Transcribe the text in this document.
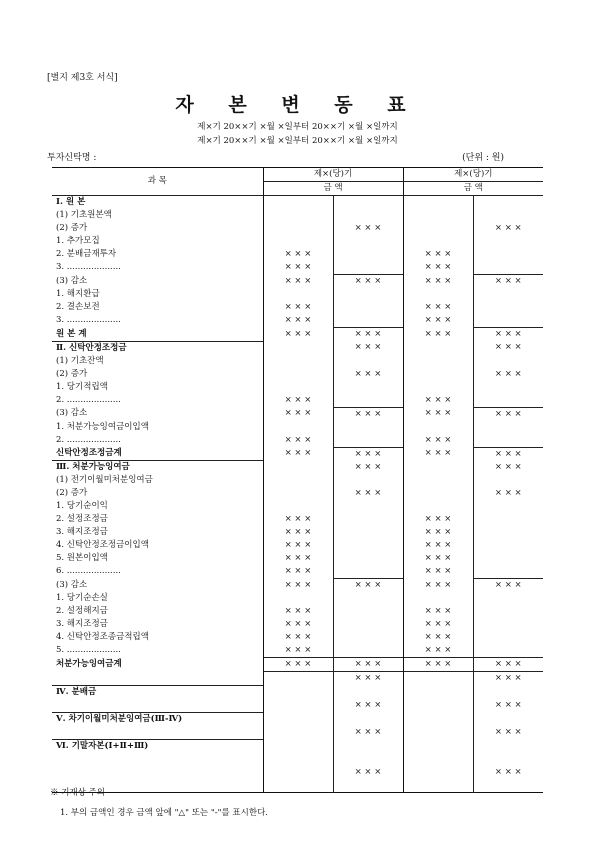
[별지 제3호 서식]
자 본 변 동 표
제×기 20××기 ×월 ×일부터 20××기 ×월 ×일까지
제×기 20××기 ×월 ×일부터 20××기 ×월 ×일까지
투자신탁명 :	(단위 : 원)
과 목	제×(당)기		제×(당)기	
	금 액		금 액	
Ⅰ. 원 본				
(1) 기초원본액				
(2) 증가		× × ×		× × ×
1. 추가모집				
2. 분배금재투자	× × ×		× × ×	
3. ....................	× × ×		× × ×	
(3) 감소	× × ×	× × ×	× × ×	× × ×
1. 해지환급				
2. 결손보전	× × ×		× × ×	
3. ....................	× × ×		× × ×	
원 본 계	× × ×	× × ×	× × ×	× × ×
Ⅱ. 신탁안정조정금		× × ×		× × ×
(1) 기초잔액				
(2) 증가		× × ×		× × ×
1. 당기적립액				
2. ....................	× × ×		× × ×	
(3) 감소	× × ×	× × ×	× × ×	× × ×
1. 처분가능잉여금이입액				
2. ....................	× × ×		× × ×	
신탁안정조정금계	× × ×	× × ×	× × ×	× × ×
Ⅲ. 처분가능잉여금		× × ×		× × ×
(1) 전기이월미처분잉여금				
(2) 증가		× × ×		× × ×
1. 당기순이익				
2. 설정조정금	× × ×		× × ×	
3. 해지조정금	× × ×		× × ×	
4. 신탁안정조정금이입액	× × ×		× × ×	
5. 원본이입액	× × ×		× × ×	
6. ....................	× × ×		× × ×	
(3) 감소	× × ×	× × ×	× × ×	× × ×
1. 당기순손실				
2. 설정해지금	× × ×		× × ×	
3. 해지조정금	× × ×		× × ×	
4. 신탁안정조종금적립액	× × ×		× × ×	
5. ....................	× × ×		× × ×	
처분가능잉여금계	× × ×	× × ×	× × ×	× × ×
		× × ×		× × ×
Ⅳ. 분배금				
		× × ×		× × ×
Ⅴ. 차기이월미처분잉여금(Ⅲ-Ⅳ)				
		× × ×		× × ×
Ⅵ. 기말자본(Ⅰ+Ⅱ+Ⅲ)				

		× × ×		× × ×

※ 기재상 주의
1. 부의 금액인 경우 금액 앞에 "△" 또는 "-"를 표시한다.
